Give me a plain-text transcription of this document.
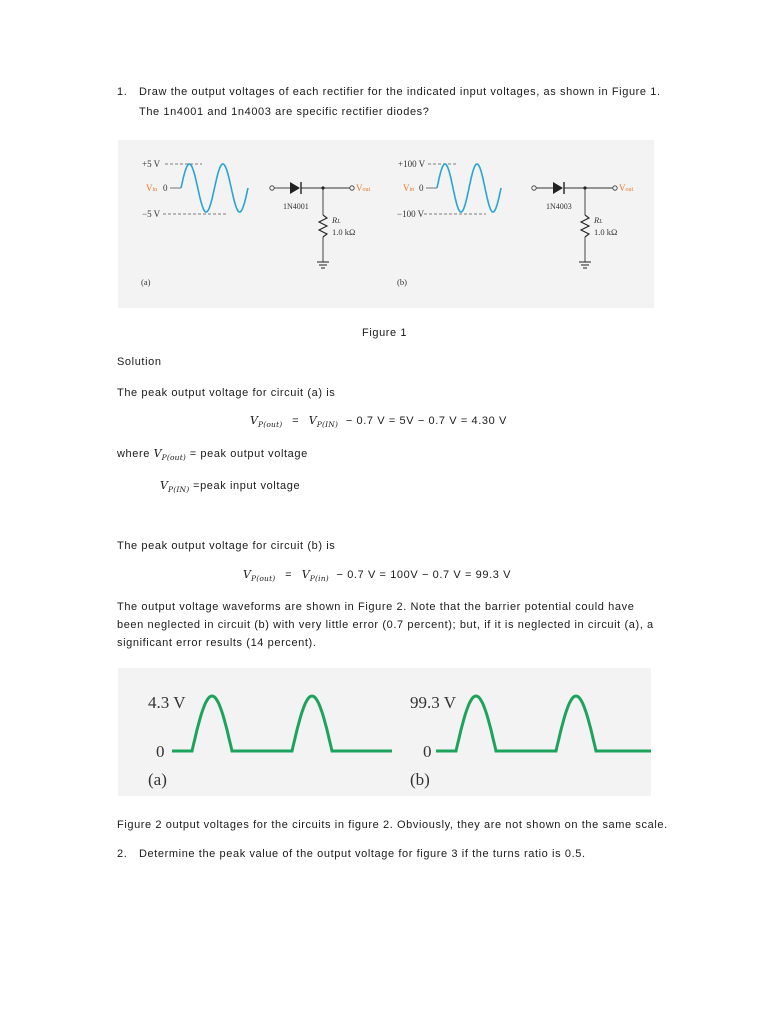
1. Draw the output voltages of each rectifier for the indicated input voltages, as shown in Figure 1.
The 1n4001 and 1n4003 are specific rectifier diodes?
+5 V
Vin 0
−5 V
Vout
1N4001
RL
1.0 kΩ
(a)
+100 V
Vin 0
−100 V
Vout
1N4003
RL
1.0 kΩ
(b)
Figure 1
Solution
The peak output voltage for circuit (a) is
$V_{P(out)} = V_{P(IN)} - 0.7$ V = 5V − 0.7 V = 4.30 V
where $V_{P(out)}$ = peak output voltage
$V_{P(IN)}$ =peak input voltage
The peak output voltage for circuit (b) is
$V_{P(out)} = V_{P(in)} - 0.7$ V = 100V − 0.7 V = 99.3 V
The output voltage waveforms are shown in Figure 2. Note that the barrier potential could have
been neglected in circuit (b) with very little error (0.7 percent); but, if it is neglected in circuit (a), a
significant error results (14 percent).
4.3 V
0
(a)
99.3 V
0
(b)
Figure 2 output voltages for the circuits in figure 2. Obviously, they are not shown on the same scale.
2. Determine the peak value of the output voltage for figure 3 if the turns ratio is 0.5.
